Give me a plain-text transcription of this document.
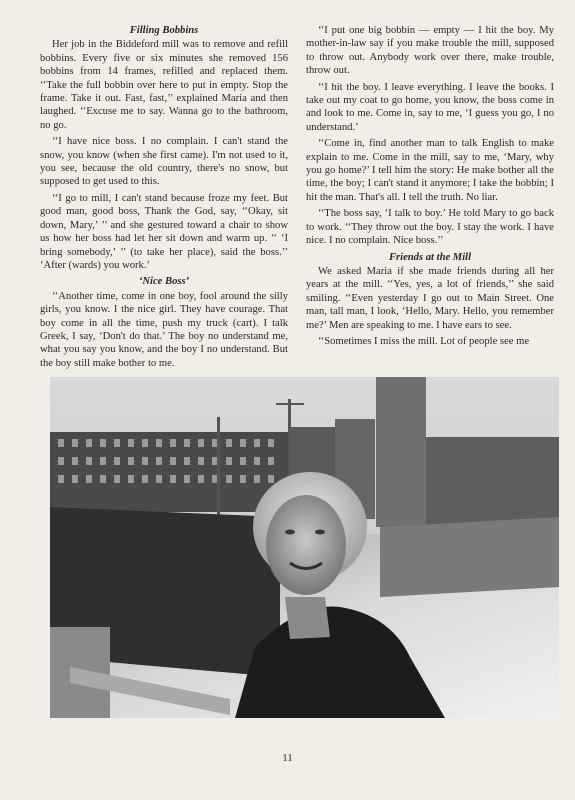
Filling Bobbins

Her job in the Biddeford mill was to remove and refill bobbins. Every five or six minutes she removed 156 bobbins from 14 frames, refilled and replaced them. ‘‘Take the full bobbin over here to put in empty. Stop the frame. Take it out. Fast, fast,’’ explained Maria and then laughed. ‘‘Excuse me to say. Wanna go to the bathroom, no go.

‘‘I have nice boss. I no complain. I can't stand the snow, you know (when she first came). I'm not used to it, you see, because the old country, there's no snow, but supposed to get used to this.

‘‘I go to mill, I can't stand because froze my feet. But good man, good boss, Thank the God, say, ‘‘Okay, sit down, Mary,’ ’’ and she gestured toward a chair to show us how her boss had let her sit down and warm up. ‘‘ ‘I bring somebody,’ ’’ (to take her place), said the boss.’’ ‘After (wards) you work.’

‘Nice Boss’

‘‘Another time, come in one boy, fool around the silly girls, you know. I the nice girl. They have courage. That boy come in all the time, push my truck (cart). I talk Greek, I say, ‘Don't do that.’ The boy no understand me, what you say you know, and the boy I no understand. But the boy still make bother to me.

‘‘I put one big bobbin — empty — I hit the boy. My mother-in-law say if you make trouble the mill, supposed to throw out. Anybody work over there, make trouble, throw out.

‘‘I hit the boy. I leave everything. I leave the books. I take out my coat to go home, you know, the boss come in and look to me. Come in, say to me, ‘I guess you go, I no understand.’

‘‘Come in, find another man to talk English to make explain to me. Come in the mill, say to me, ‘Mary, why you go home?’ I tell him the story: He make bother all the time, the boy; I can't stand it anymore; I take the bobbin; I hit the man. That's all. I tell the truth. No liar.

‘‘The boss say, ‘I talk to boy.’ He told Mary to go back to work. ‘‘They throw out the boy. I stay the work. I have nice. I no complain. Nice boss.’’

Friends at the Mill

We asked Maria if she made friends during all her years at the mill. ‘‘Yes, yes, a lot of friends,’’ she said smiling. ‘‘Even yesterday I go out to Main Street. One man, tall man, I look, ‘Hello, Mary. Hello, you remember me?’ Men are speaking to me. I have ears to see.

‘‘Sometimes I miss the mill. Lot of people see me

11
